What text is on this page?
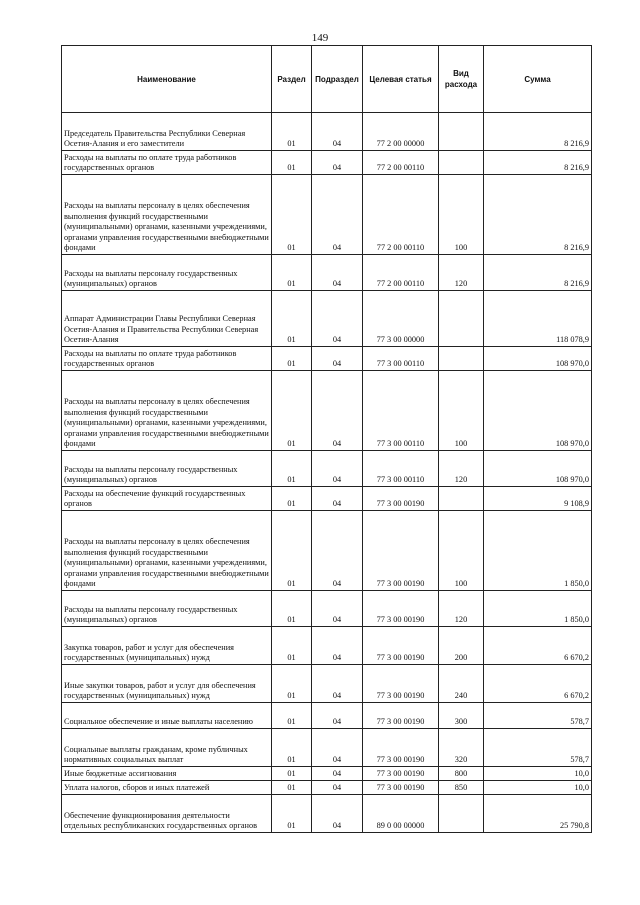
149
Наименование	Раздел	Подраздел	Целевая статья	Вид расхода	Сумма
Председатель Правительства Республики Северная Осетия-Алания и его заместители	01	04	77 2 00 00000		8 216,9
Расходы на выплаты по оплате труда работников государственных органов	01	04	77 2 00 00110		8 216,9
Расходы на выплаты персоналу в целях обеспечения выполнения функций государственными (муниципальными) органами, казенными учреждениями, органами управления государственными внебюджетными фондами	01	04	77 2 00 00110	100	8 216,9
Расходы на выплаты персоналу государственных (муниципальных) органов	01	04	77 2 00 00110	120	8 216,9
Аппарат Администрации Главы Республики Северная Осетия-Алания и Правительства Республики Северная Осетия-Алания	01	04	77 3 00 00000		118 078,9
Расходы на выплаты по оплате труда работников государственных органов	01	04	77 3 00 00110		108 970,0
Расходы на выплаты персоналу в целях обеспечения выполнения функций государственными (муниципальными) органами, казенными учреждениями, органами управления государственными внебюджетными фондами	01	04	77 3 00 00110	100	108 970,0
Расходы на выплаты персоналу государственных (муниципальных) органов	01	04	77 3 00 00110	120	108 970,0
Расходы на обеспечение функций государственных органов	01	04	77 3 00 00190		9 108,9
Расходы на выплаты персоналу в целях обеспечения выполнения функций государственными (муниципальными) органами, казенными учреждениями, органами управления государственными внебюджетными фондами	01	04	77 3 00 00190	100	1 850,0
Расходы на выплаты персоналу государственных (муниципальных) органов	01	04	77 3 00 00190	120	1 850,0
Закупка товаров, работ и услуг для обеспечения государственных (муниципальных) нужд	01	04	77 3 00 00190	200	6 670,2
Иные закупки товаров, работ и услуг для обеспечения государственных (муниципальных) нужд	01	04	77 3 00 00190	240	6 670,2
Социальное обеспечение и иные выплаты населению	01	04	77 3 00 00190	300	578,7
Социальные выплаты гражданам, кроме публичных нормативных социальных выплат	01	04	77 3 00 00190	320	578,7
Иные бюджетные ассигнования	01	04	77 3 00 00190	800	10,0
Уплата налогов, сборов и иных платежей	01	04	77 3 00 00190	850	10,0
Обеспечение функционирования деятельности отдельных республиканских государственных органов	01	04	89 0 00 00000		25 790,8
